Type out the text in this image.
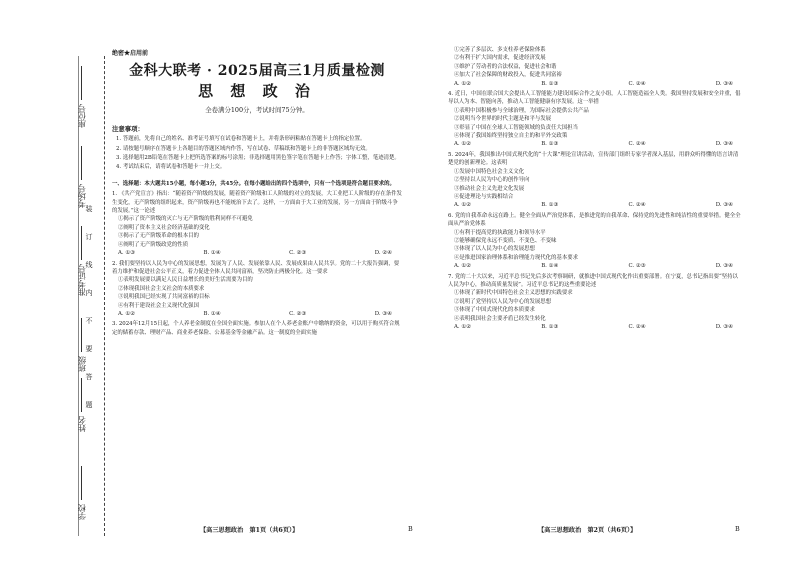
座位号
考场号
准考证号
班级
姓名
学校
装
订
线
内
不
要
答
题
绝密★启用前
金科大联考 · 2025届高三1月质量检测
思 想 政 治
全卷满分100分，考试时间75分钟。
注意事项：

1. 答题前，先将自己的姓名、准考证号填写在试卷和答题卡上，并将条形码粘贴在答题卡上的指定位置。

2. 请按题号顺序在答题卡上各题目的答题区域内作答，写在试卷、草稿纸和答题卡上的非答题区域均无效。

3. 选择题用2B铅笔在答题卡上把所选答案的标号涂黑；非选择题用黑色签字笔在答题卡上作答；字体工整，笔迹清楚。

4. 考试结束后，请将试卷和答题卡一并上交。

一、选择题：本大题共15小题，每小题3分，共45分。在每小题给出的四个选项中，只有一个选项是符合题目要求的。

1. 《共产党宣言》指出：“随着资产阶级的发展，随着资产阶级和工人阶级的对立的发展，大工业把工人阶级的存在条件发生变化，无产阶级的组织起来，资产阶级再也不能统治下去了。这样，一方面由于大工业的发展，另一方面由于阶级斗争的发展。”这一论述

①揭示了资产阶级的灭亡与无产阶级的胜利同样不可避免

②阐明了资本主义社会经济基础的变化

③揭示了无产阶级革命的根本目的

④阐明了无产阶级政党的性质

A. ①③	B. ①④	C. ②③	D. ②④

2. 我们要坚持以人民为中心的发展思想，发展为了人民、发展依靠人民、发展成果由人民共享。党的二十大报告强调，要着力维护和促进社会公平正义，着力促进全体人民共同富裕，坚决防止两极分化。这一要求

①表明发展要以满足人民日益增长的美好生活需要为目的

②体现我国社会主义社会的本质要求

③说明我国已经实现了共同富裕的目标

④有利于建设社会主义现代化强国

A. ①②	B. ①④	C. ②③	D. ③④

3. 2024年12月15日起，个人养老金制度在全国全面实施。参加人在个人养老金账户中缴纳的资金，可以用于购买符合规定的储蓄存款、理财产品、商业养老保险、公募基金等金融产品。这一制度的全面实施

①完善了多层次、多支柱养老保险体系

②有利于扩大国内需求，促进经济发展

③维护了劳动者的合法权益，促进社会和谐

④加大了社会保障的财政投入，促进共同富裕

A. ①②	B. ①③	C. ②④	D. ③④

4. 近日，中国在联合国大会提出人工智能能力建设国际合作之友小组，人工智能造福全人类。我国坚持发展和安全并重，倡导以人为本、智能向善，推动人工智能健康有序发展。这一举措

①表明中国积极参与全球治理，为国际社会提供公共产品

②说明当今世界的时代主题是和平与发展

③彰显了中国在全球人工智能领域的负责任大国担当

④体现了我国始终坚持独立自主的和平外交政策

A. ①②	B. ①③	C. ②④	D. ③④

5. 2024年，我国推出中国式现代化的“十大课”理论宣讲活动，宣传部门组织专家学者深入基层，用群众听得懂的语言讲清楚党的创新理论。这表明

①发展中国特色社会主义文化

②坚持以人民为中心的创作导向

③推动社会主义先进文化发展

④促进理论与实践相结合

A. ①②	B. ①③	C. ②④	D. ③④

6. 党的自我革命永远在路上。健全全面从严治党体系，是推进党的自我革命、保持党的先进性和纯洁性的重要举措。健全全面从严治党体系

①有利于提高党的执政能力和领导水平

②能够确保党永远不变质、不变色、不变味

③体现了以人民为中心的发展思想

④是推进国家治理体系和治理能力现代化的基本要求

A. ①②	B. ①④	C. ②③	D. ③④

7. 党的二十大以来，习近平总书记先后多次考察调研，就推进中国式现代化作出重要部署。在宁夏，总书记指出要“坚持以人民为中心，推动高质量发展”。习近平总书记的这些重要论述

①体现了新时代中国特色社会主义思想的实践要求

②说明了党坚持以人民为中心的发展思想

③体现了中国式现代化的本质要求

④表明我国社会主要矛盾已经发生转化

A. ①②	B. ①③	C. ②④	D. ③④
【高三思想政治　第1页（共6页）】	B	【高三思想政治　第2页（共6页）】	B
